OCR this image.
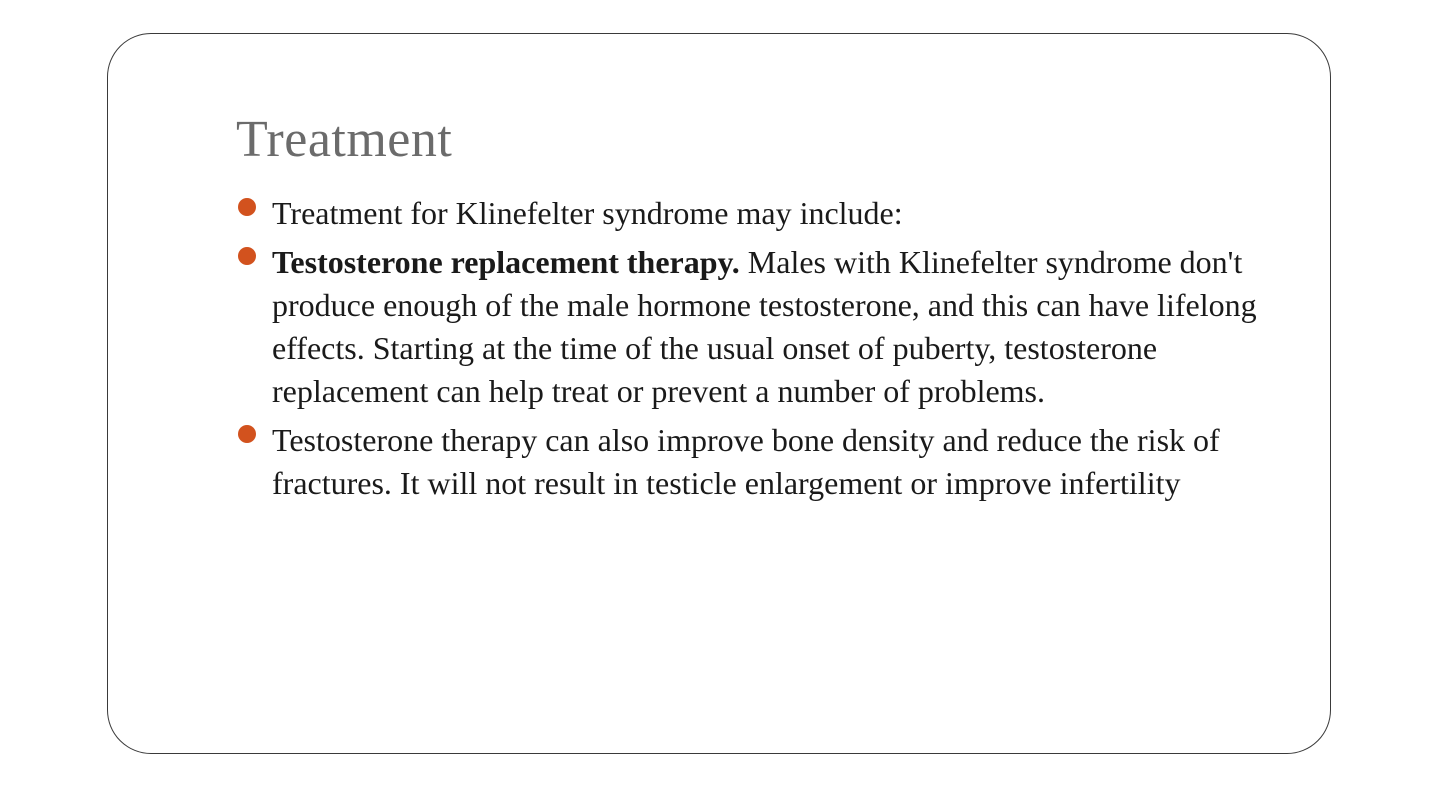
Treatment
Treatment for Klinefelter syndrome may include:
Testosterone replacement therapy. Males with Klinefelter syndrome don't produce enough of the male hormone testosterone, and this can have lifelong effects. Starting at the time of the usual onset of puberty, testosterone replacement can help treat or prevent a number of problems.
Testosterone therapy can also improve bone density and reduce the risk of fractures. It will not result in testicle enlargement or improve infertility
